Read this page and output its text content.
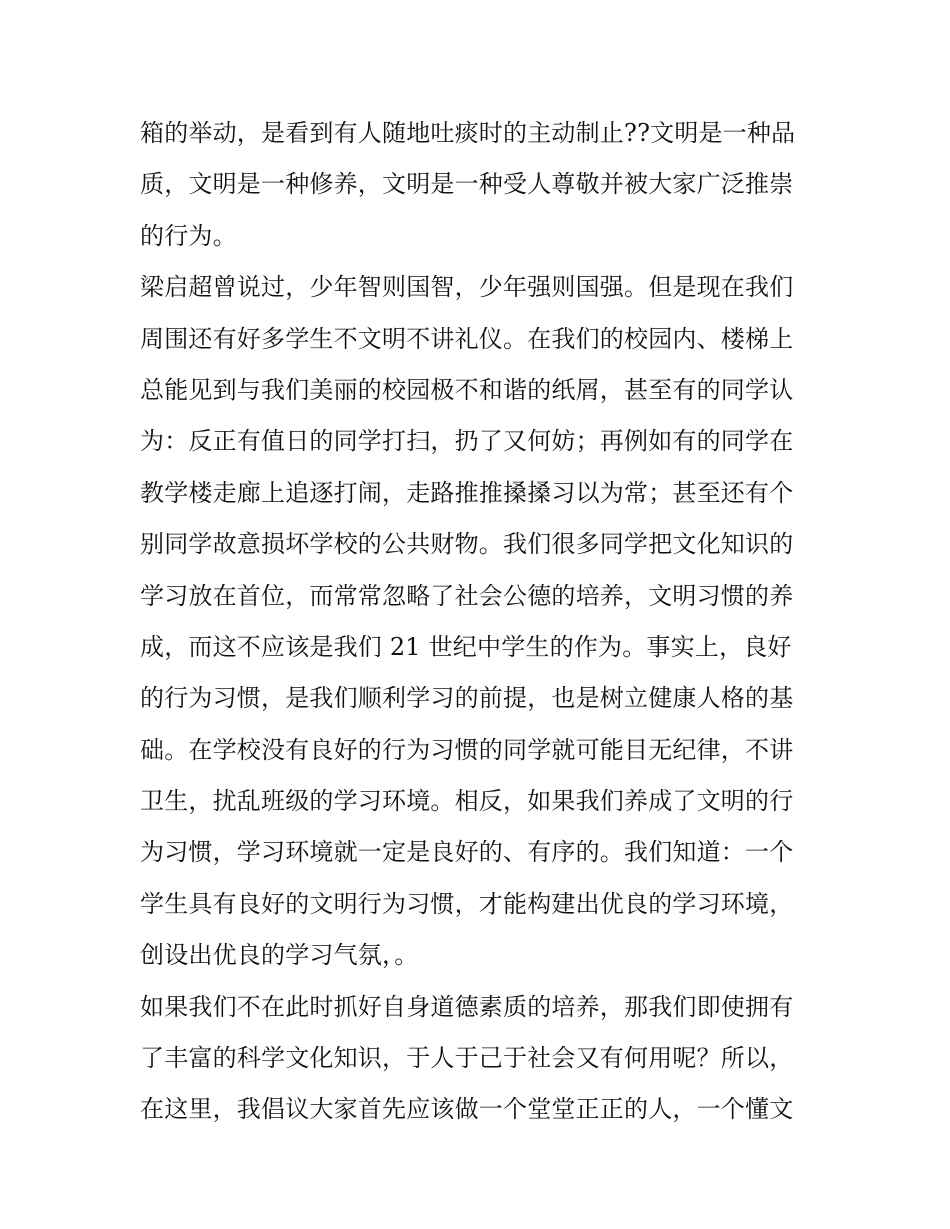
箱的举动，是看到有人随地吐痰时的主动制止??文明是一种品
质，文明是一种修养，文明是一种受人尊敬并被大家广泛推崇
的行为。
梁启超曾说过，少年智则国智，少年强则国强。但是现在我们
周围还有好多学生不文明不讲礼仪。在我们的校园内、楼梯上
总能见到与我们美丽的校园极不和谐的纸屑，甚至有的同学认
为：反正有值日的同学打扫，扔了又何妨；再例如有的同学在
教学楼走廊上追逐打闹，走路推推搡搡习以为常；甚至还有个
别同学故意损坏学校的公共财物。我们很多同学把文化知识的
学习放在首位，而常常忽略了社会公德的培养，文明习惯的养
成，而这不应该是我们 21 世纪中学生的作为。事实上，良好
的行为习惯，是我们顺利学习的前提，也是树立健康人格的基
础。在学校没有良好的行为习惯的同学就可能目无纪律，不讲
卫生，扰乱班级的学习环境。相反，如果我们养成了文明的行
为习惯，学习环境就一定是良好的、有序的。我们知道：一个
学生具有良好的文明行为习惯，才能构建出优良的学习环境，
创设出优良的学习气氛，。
如果我们不在此时抓好自身道德素质的培养，那我们即使拥有
了丰富的科学文化知识，于人于己于社会又有何用呢？所以，
在这里，我倡议大家首先应该做一个堂堂正正的人，一个懂文
